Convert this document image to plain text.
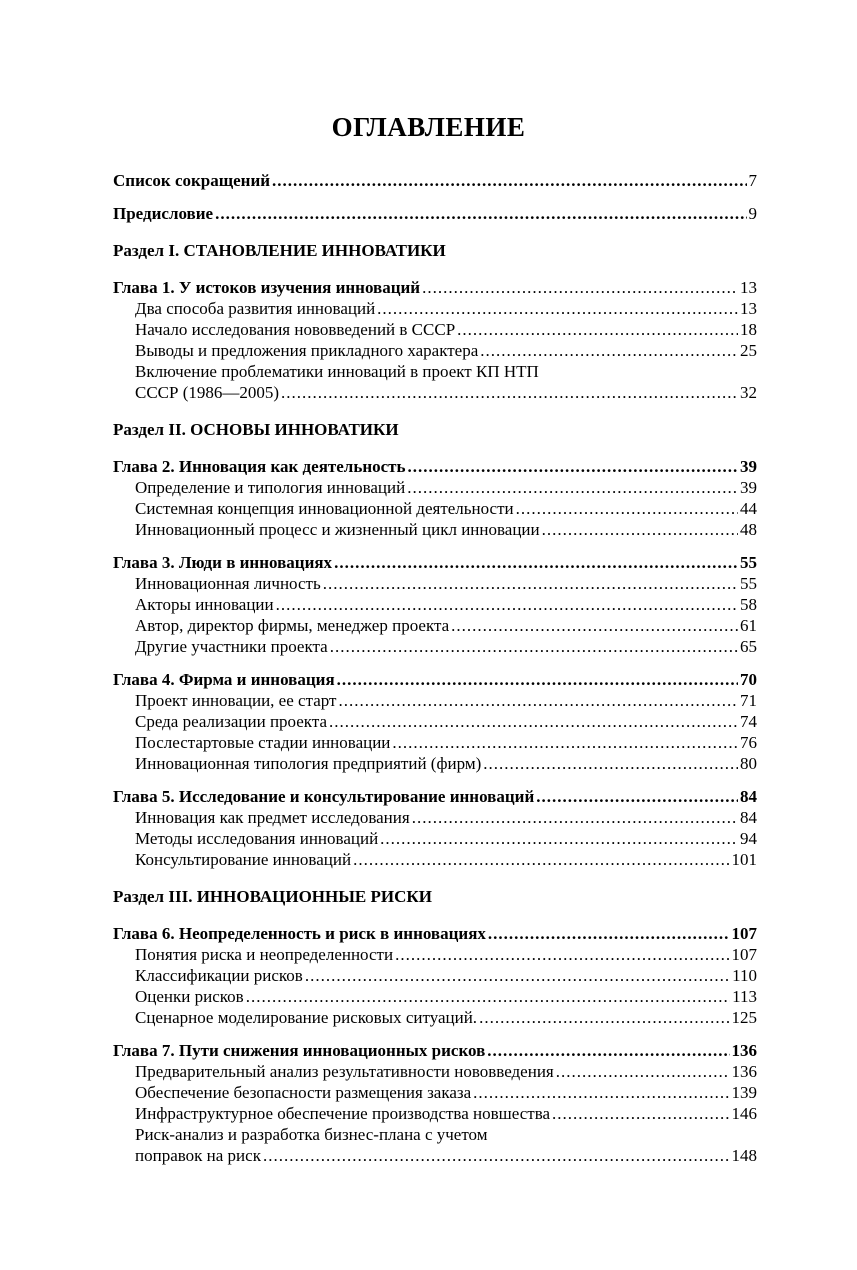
ОГЛАВЛЕНИЕ
Список сокращений .....	7
Предисловие .....	9
Раздел I. СТАНОВЛЕНИЕ ИННОВАТИКИ
Глава 1. У истоков изучения инноваций .....	13
Два способа развития инноваций .....	13
Начало исследования нововведений в СССР .....	18
Выводы и предложения прикладного характера .....	25
Включение проблематики инноваций в проект КП НТП
СССР (1986—2005) .....	32
Раздел II. ОСНОВЫ ИННОВАТИКИ
Глава 2. Инновация как деятельность .....	39
Определение и типология инноваций .....	39
Системная концепция инновационной деятельности .....	44
Инновационный процесс и жизненный цикл инновации .....	48
Глава 3. Люди в инновациях .....	55
Инновационная личность .....	55
Акторы инновации .....	58
Автор, директор фирмы, менеджер проекта .....	61
Другие участники проекта .....	65
Глава 4. Фирма и инновация .....	70
Проект инновации, ее старт .....	71
Среда реализации проекта .....	74
Послестартовые стадии инновации .....	76
Инновационная типология предприятий (фирм) .....	80
Глава 5. Исследование и консультирование инноваций .....	84
Инновация как предмет исследования .....	84
Методы исследования инноваций .....	94
Консультирование инноваций .....	101
Раздел III. ИННОВАЦИОННЫЕ РИСКИ
Глава 6. Неопределенность и риск в инновациях .....	107
Понятия риска и неопределенности .....	107
Классификации рисков .....	110
Оценки рисков .....	113
Сценарное моделирование рисковых ситуаций. .....	125
Глава 7. Пути снижения инновационных рисков .....	136
Предварительный анализ результативности нововведения .....	136
Обеспечение безопасности размещения заказа .....	139
Инфраструктурное обеспечение производства новшества .....	146
Риск-анализ и разработка бизнес-плана с учетом
поправок на риск .....	148
